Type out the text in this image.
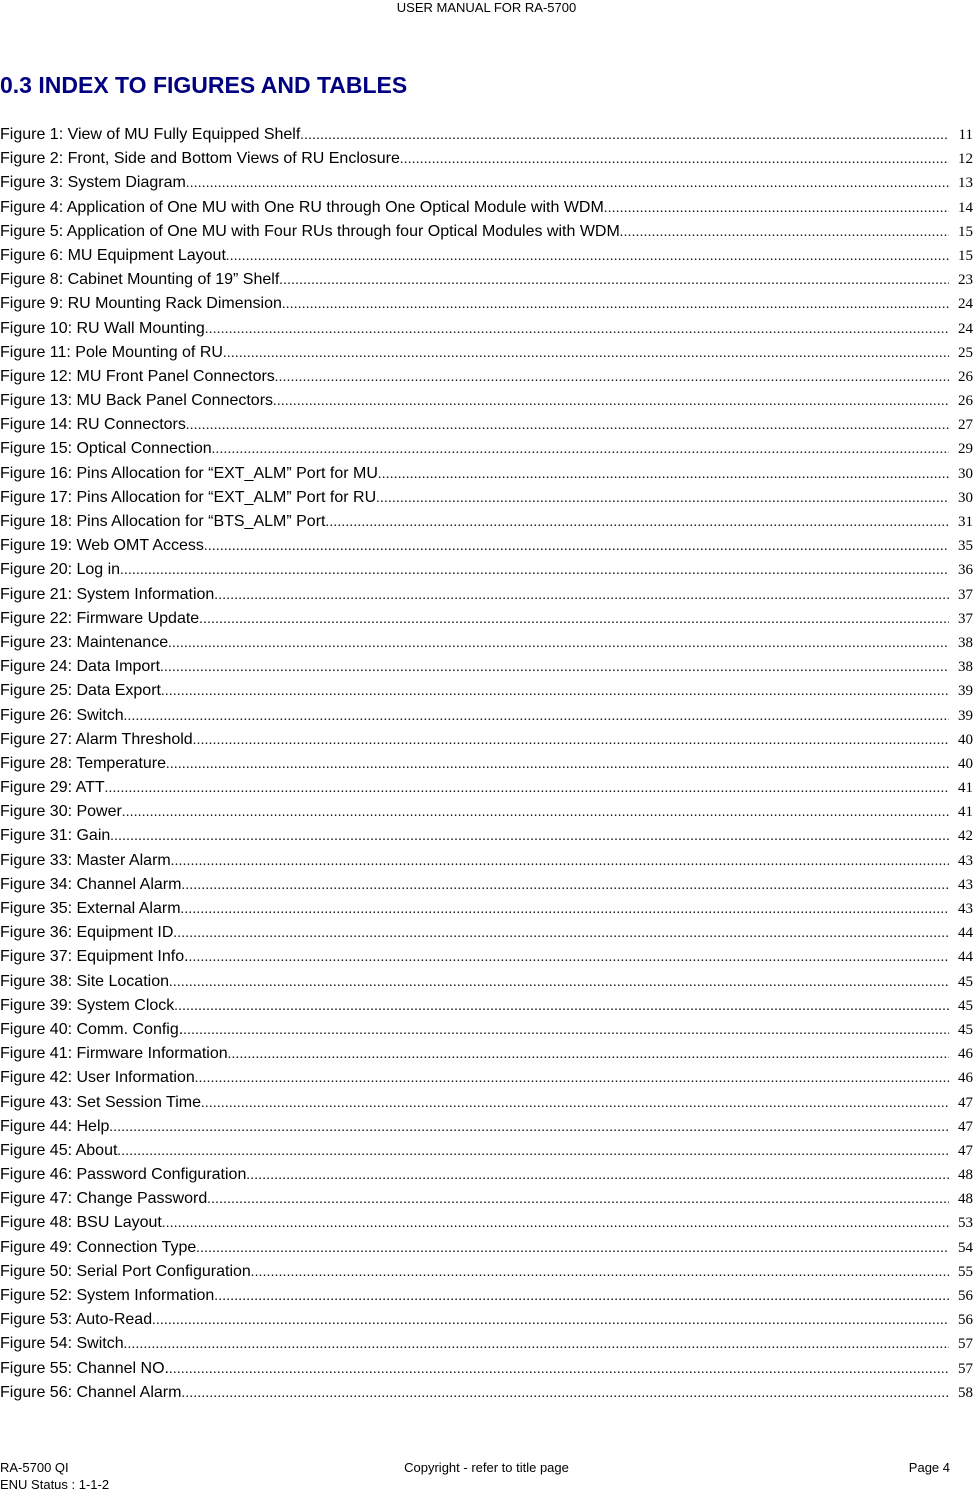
USER MANUAL FOR RA-5700
0.3 INDEX TO FIGURES AND TABLES
Figure 1: View of MU Fully Equipped Shelf .....	11
Figure 2: Front, Side and Bottom Views of RU Enclosure .....	12
Figure 3: System Diagram .....	13
Figure 4: Application of One MU with One RU through One Optical Module with WDM .....	14
Figure 5: Application of One MU with Four RUs through four Optical Modules with WDM .....	15
Figure 6: MU Equipment Layout .....	15
Figure 8: Cabinet Mounting of 19” Shelf .....	23
Figure 9: RU Mounting Rack Dimension .....	24
Figure 10: RU Wall Mounting .....	24
Figure 11: Pole Mounting of RU .....	25
Figure 12: MU Front Panel Connectors .....	26
Figure 13: MU Back Panel Connectors .....	26
Figure 14: RU Connectors .....	27
Figure 15: Optical Connection .....	29
Figure 16: Pins Allocation for “EXT_ALM” Port for MU .....	30
Figure 17: Pins Allocation for “EXT_ALM” Port for RU .....	30
Figure 18: Pins Allocation for “BTS_ALM” Port .....	31
Figure 19: Web OMT Access .....	35
Figure 20: Log in .....	36
Figure 21: System Information .....	37
Figure 22: Firmware Update .....	37
Figure 23: Maintenance .....	38
Figure 24: Data Import .....	38
Figure 25: Data Export .....	39
Figure 26: Switch .....	39
Figure 27: Alarm Threshold .....	40
Figure 28: Temperature .....	40
Figure 29: ATT .....	41
Figure 30: Power .....	41
Figure 31: Gain .....	42
Figure 33: Master Alarm .....	43
Figure 34: Channel Alarm .....	43
Figure 35: External Alarm .....	43
Figure 36: Equipment ID .....	44
Figure 37: Equipment Info. .....	44
Figure 38: Site Location .....	45
Figure 39: System Clock .....	45
Figure 40: Comm. Config. .....	45
Figure 41: Firmware Information .....	46
Figure 42: User Information .....	46
Figure 43: Set Session Time .....	47
Figure 44: Help .....	47
Figure 45: About .....	47
Figure 46: Password Configuration .....	48
Figure 47: Change Password .....	48
Figure 48: BSU Layout .....	53
Figure 49: Connection Type .....	54
Figure 50: Serial Port Configuration .....	55
Figure 52: System Information .....	56
Figure 53: Auto-Read .....	56
Figure 54: Switch .....	57
Figure 55: Channel NO. .....	57
Figure 56: Channel Alarm .....	58
RA-5700 QI	Copyright - refer to title page	Page 4
ENU Status : 1-1-2
